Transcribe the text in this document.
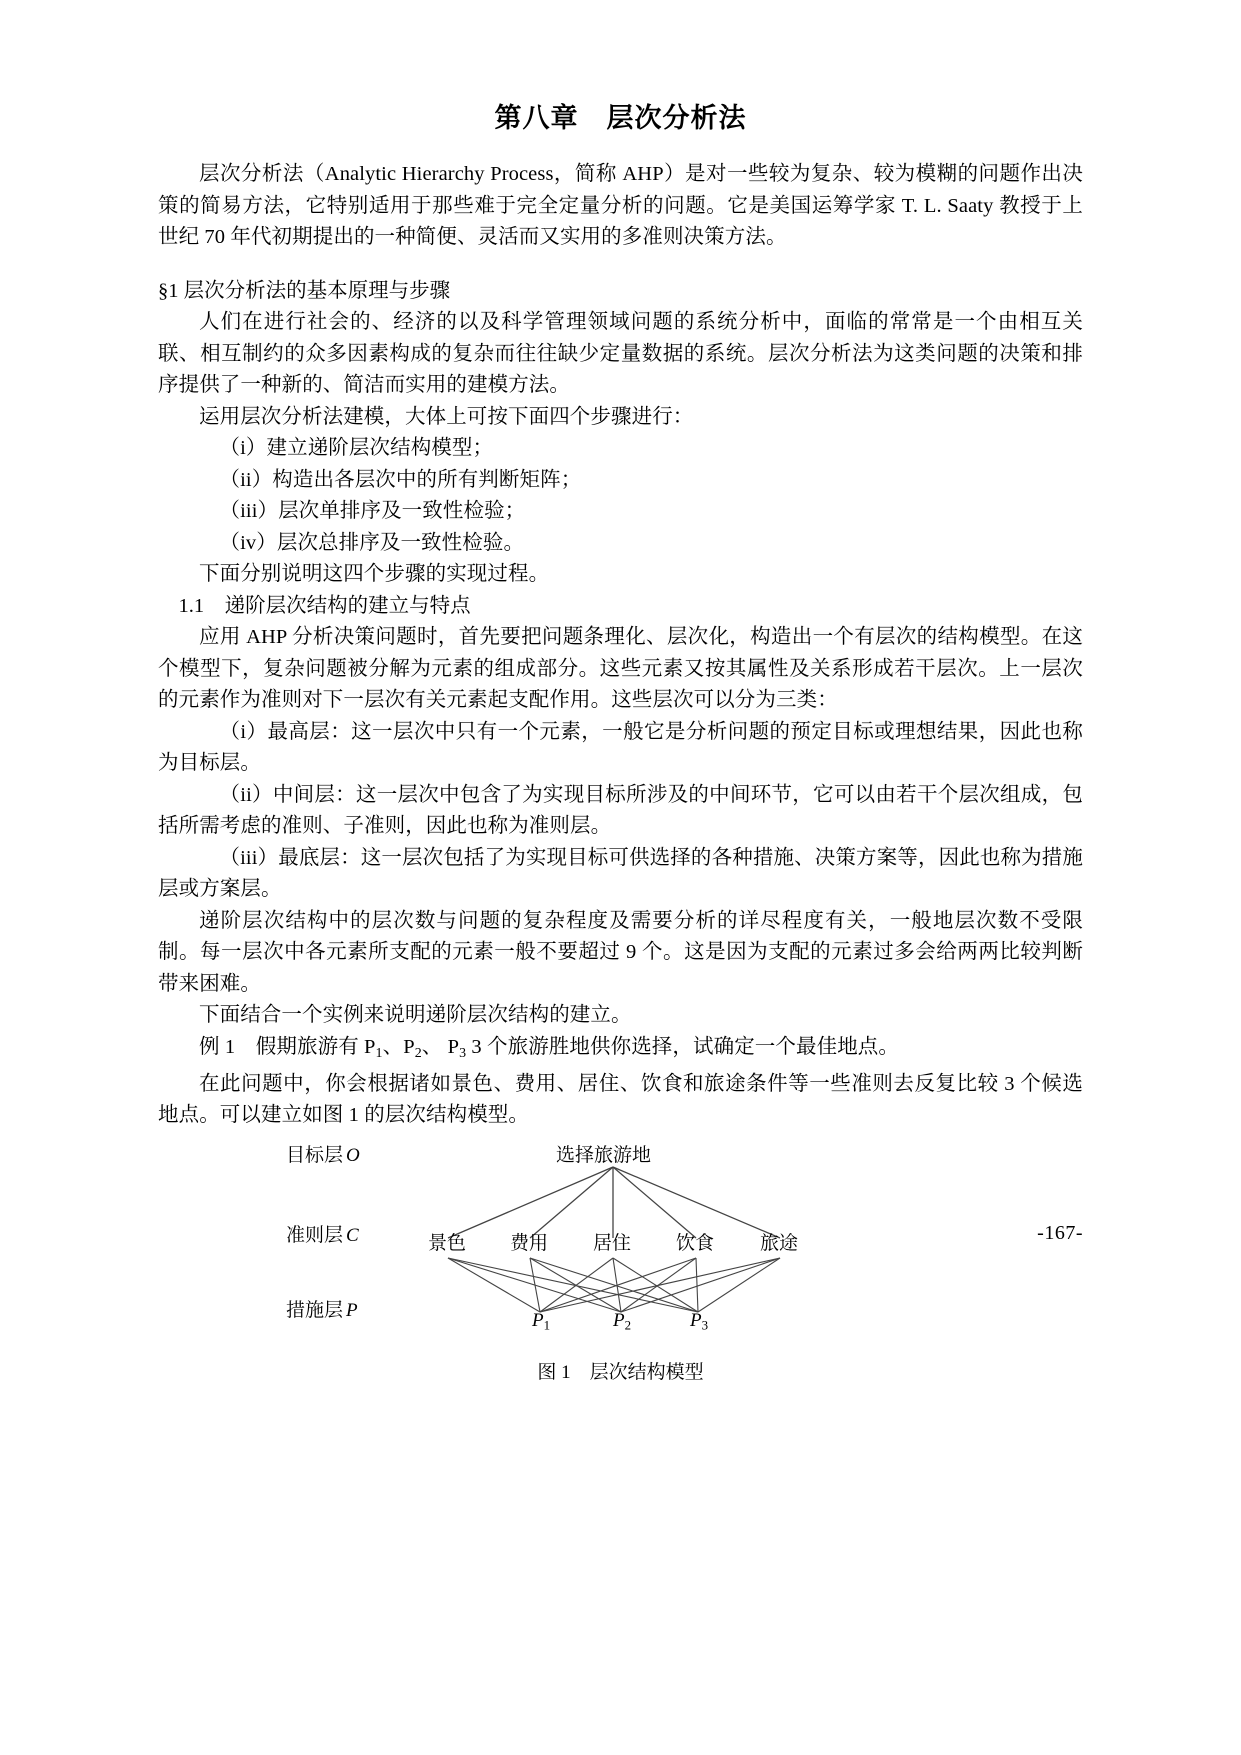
第八章　层次分析法

层次分析法（Analytic Hierarchy Process，简称 AHP）是对一些较为复杂、较为模糊的问题作出决策的简易方法，它特别适用于那些难于完全定量分析的问题。它是美国运筹学家 T. L. Saaty 教授于上世纪 70 年代初期提出的一种简便、灵活而又实用的多准则决策方法。

§1 层次分析法的基本原理与步骤

人们在进行社会的、经济的以及科学管理领域问题的系统分析中，面临的常常是一个由相互关联、相互制约的众多因素构成的复杂而往往缺少定量数据的系统。层次分析法为这类问题的决策和排序提供了一种新的、简洁而实用的建模方法。

运用层次分析法建模，大体上可按下面四个步骤进行：

（i）建立递阶层次结构模型；

（ii）构造出各层次中的所有判断矩阵；

（iii）层次单排序及一致性检验；

（iv）层次总排序及一致性检验。

下面分别说明这四个步骤的实现过程。

1.1　递阶层次结构的建立与特点

应用 AHP 分析决策问题时，首先要把问题条理化、层次化，构造出一个有层次的结构模型。在这个模型下，复杂问题被分解为元素的组成部分。这些元素又按其属性及关系形成若干层次。上一层次的元素作为准则对下一层次有关元素起支配作用。这些层次可以分为三类：

（i）最高层：这一层次中只有一个元素，一般它是分析问题的预定目标或理想结果，因此也称为目标层。

（ii）中间层：这一层次中包含了为实现目标所涉及的中间环节，它可以由若干个层次组成，包括所需考虑的准则、子准则，因此也称为准则层。

（iii）最底层：这一层次包括了为实现目标可供选择的各种措施、决策方案等，因此也称为措施层或方案层。

递阶层次结构中的层次数与问题的复杂程度及需要分析的详尽程度有关，一般地层次数不受限制。每一层次中各元素所支配的元素一般不要超过 9 个。这是因为支配的元素过多会给两两比较判断带来困难。

下面结合一个实例来说明递阶层次结构的建立。

例 1　 假期旅游有 $P_1$、$P_2$、 $P_3$ 3 个旅游胜地供你选择，试确定一个最佳地点。

在此问题中，你会根据诸如景色、费用、居住、饮食和旅途条件等一些准则去反复比较 3 个候选地点。可以建立如图 1 的层次结构模型。

目标层 O
准则层 C
措施层 P
选择旅游地
景色 费用 居住 饮食 旅途
$P_1$	$P_2$	$P_3$
图 1　层次结构模型
-167-
